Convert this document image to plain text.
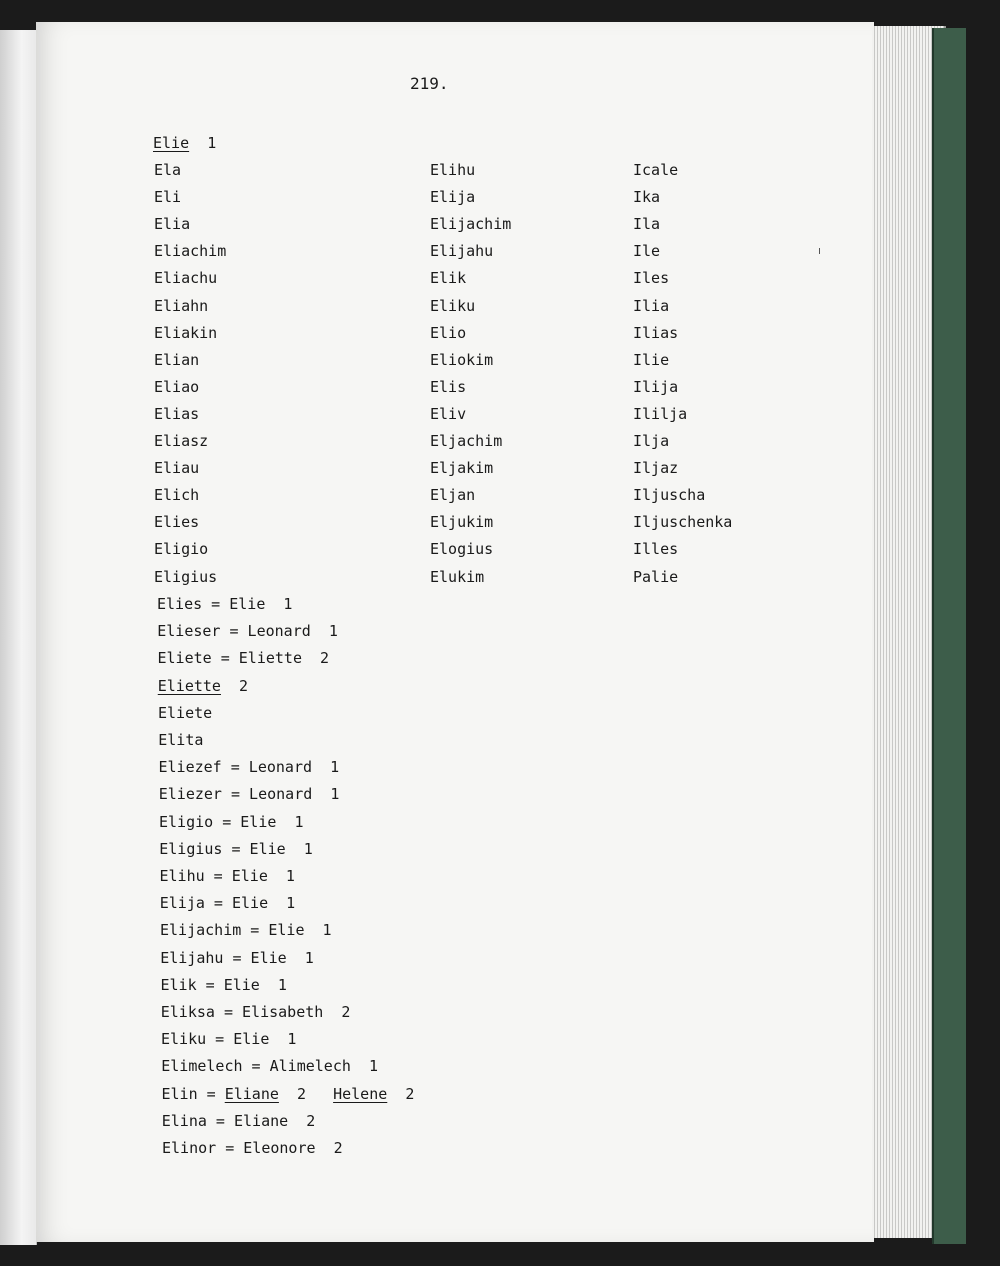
219.
Elie 1
Ela
Eli
Elia
Eliachim
Eliachu
Eliahn
Eliakin
Elian
Eliao
Elias
Eliasz
Eliau
Elich
Elies
Eligio
Eligius
Elihu
Elija
Elijachim
Elijahu
Elik
Eliku
Elio
Eliokim
Elis
Eliv
Eljachim
Eljakim
Eljan
Eljukim
Elogius
Elukim
Icale
Ika
Ila
Ile
Iles
Ilia
Ilias
Ilie
Ilija
Ililja
Ilja
Iljaz
Iljuscha
Iljuschenka
Illes
Palie
Elies = Elie  1
Elieser = Leonard  1
Eliete = Eliette  2
Eliette  2
Eliete
Elita
Eliezef = Leonard  1
Eliezer = Leonard  1
Eligio = Elie  1
Eligius = Elie  1
Elihu = Elie  1
Elija = Elie  1
Elijachim = Elie  1
Elijahu = Elie  1
Elik = Elie  1
Eliksa = Elisabeth  2
Eliku = Elie  1
Elimelech = Alimelech  1
Elin = Eliane  2   Helene  2
Elina = Eliane  2
Elinor = Eleonore  2
